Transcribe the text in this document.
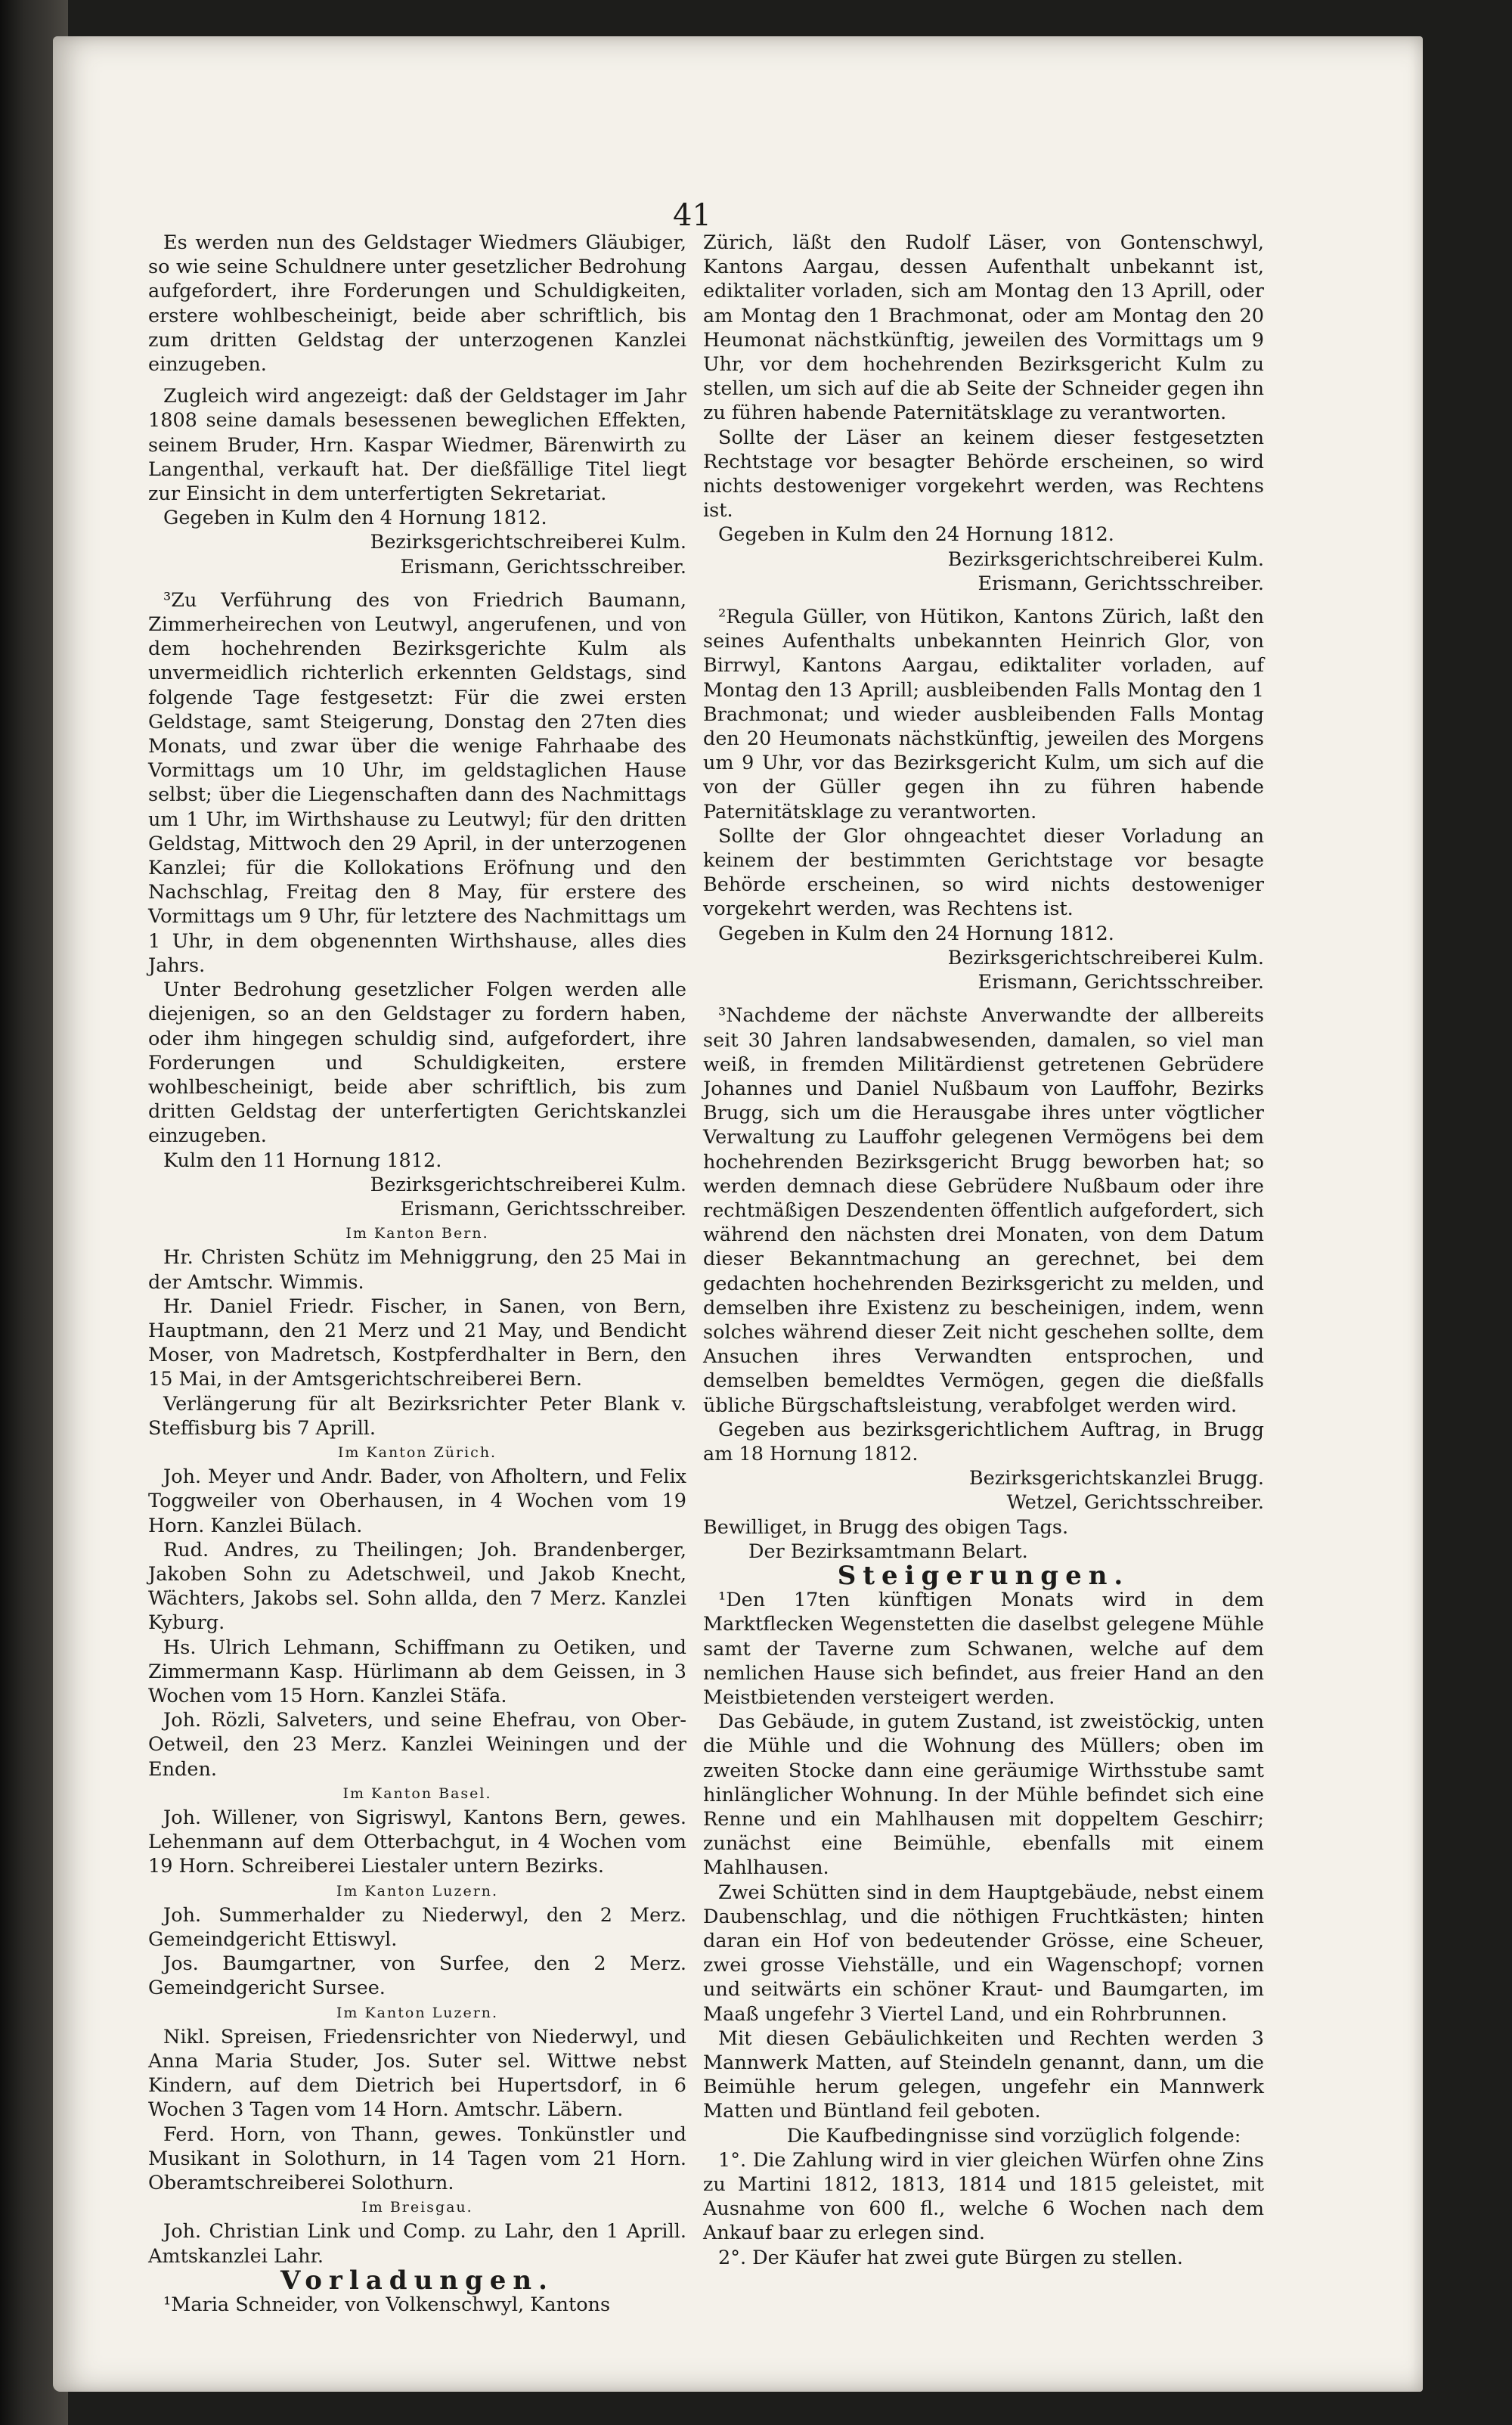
41

Es werden nun des Geldstager Wiedmers Gläubiger, so wie seine Schuldnere unter gesetzlicher Bedrohung aufgefordert, ihre Forderungen und Schuldigkeiten, erstere wohlbescheinigt, beide aber schriftlich, bis zum dritten Geldstag der unterzogenen Kanzlei einzugeben.

Zugleich wird angezeigt: daß der Geldstager im Jahr 1808 seine damals besessenen beweglichen Effekten, seinem Bruder, Hrn. Kaspar Wiedmer, Bärenwirth zu Langenthal, verkauft hat. Der dießfällige Titel liegt zur Einsicht in dem unterfertigten Sekretariat.

Gegeben in Kulm den 4 Hornung 1812.

Bezirksgerichtschreiberei Kulm.

Erismann, Gerichtsschreiber.

³Zu Verführung des von Friedrich Baumann, Zimmerheirechen von Leutwyl, angerufenen, und von dem hochehrenden Bezirksgerichte Kulm als unvermeidlich richterlich erkennten Geldstags, sind folgende Tage festgesetzt: Für die zwei ersten Geldstage, samt Steigerung, Donstag den 27ten dies Monats, und zwar über die wenige Fahrhaabe des Vormittags um 10 Uhr, im geldstaglichen Hause selbst; über die Liegenschaften dann des Nachmittags um 1 Uhr, im Wirthshause zu Leutwyl; für den dritten Geldstag, Mittwoch den 29 April, in der unterzogenen Kanzlei; für die Kollokations Eröfnung und den Nachschlag, Freitag den 8 May, für erstere des Vormittags um 9 Uhr, für letztere des Nachmittags um 1 Uhr, in dem obgenennten Wirthshause, alles dies Jahrs.

Unter Bedrohung gesetzlicher Folgen werden alle diejenigen, so an den Geldstager zu fordern haben, oder ihm hingegen schuldig sind, aufgefordert, ihre Forderungen und Schuldigkeiten, erstere wohlbescheinigt, beide aber schriftlich, bis zum dritten Geldstag der unterfertigten Gerichtskanzlei einzugeben.

Kulm den 11 Hornung 1812.

Bezirksgerichtschreiberei Kulm.

Erismann, Gerichtsschreiber.

Im Kanton Bern.

Hr. Christen Schütz im Mehniggrung, den 25 Mai in der Amtschr. Wimmis.

Hr. Daniel Friedr. Fischer, in Sanen, von Bern, Hauptmann, den 21 Merz und 21 May, und Bendicht Moser, von Madretsch, Kostpferdhalter in Bern, den 15 Mai, in der Amtsgerichtschreiberei Bern.

Verlängerung für alt Bezirksrichter Peter Blank v. Steffisburg bis 7 Aprill.

Im Kanton Zürich.

Joh. Meyer und Andr. Bader, von Afholtern, und Felix Toggweiler von Oberhausen, in 4 Wochen vom 19 Horn. Kanzlei Bülach.

Rud. Andres, zu Theilingen; Joh. Brandenberger, Jakoben Sohn zu Adetschweil, und Jakob Knecht, Wächters, Jakobs sel. Sohn allda, den 7 Merz. Kanzlei Kyburg.

Hs. Ulrich Lehmann, Schiffmann zu Oetiken, und Zimmermann Kasp. Hürlimann ab dem Geissen, in 3 Wochen vom 15 Horn. Kanzlei Stäfa.

Joh. Rözli, Salveters, und seine Ehefrau, von Ober-Oetweil, den 23 Merz. Kanzlei Weiningen und der Enden.

Im Kanton Basel.

Joh. Willener, von Sigriswyl, Kantons Bern, gewes. Lehenmann auf dem Otterbachgut, in 4 Wochen vom 19 Horn. Schreiberei Liestaler untern Bezirks.

Im Kanton Luzern.

Joh. Summerhalder zu Niederwyl, den 2 Merz. Gemeindgericht Ettiswyl.

Jos. Baumgartner, von Surfee, den 2 Merz. Gemeindgericht Sursee.

Im Kanton Luzern.

Nikl. Spreisen, Friedensrichter von Niederwyl, und Anna Maria Studer, Jos. Suter sel. Wittwe nebst Kindern, auf dem Dietrich bei Hupertsdorf, in 6 Wochen 3 Tagen vom 14 Horn. Amtschr. Läbern.

Ferd. Horn, von Thann, gewes. Tonkünstler und Musikant in Solothurn, in 14 Tagen vom 21 Horn. Oberamtschreiberei Solothurn.

Im Breisgau.

Joh. Christian Link und Comp. zu Lahr, den 1 Aprill. Amtskanzlei Lahr.

Vorladungen.

¹Maria Schneider, von Volkenschwyl, Kantons

Zürich, läßt den Rudolf Läser, von Gontenschwyl, Kantons Aargau, dessen Aufenthalt unbekannt ist, ediktaliter vorladen, sich am Montag den 13 Aprill, oder am Montag den 1 Brachmonat, oder am Montag den 20 Heumonat nächstkünftig, jeweilen des Vormittags um 9 Uhr, vor dem hochehrenden Bezirksgericht Kulm zu stellen, um sich auf die ab Seite der Schneider gegen ihn zu führen habende Paternitätsklage zu verantworten.

Sollte der Läser an keinem dieser festgesetzten Rechtstage vor besagter Behörde erscheinen, so wird nichts destoweniger vorgekehrt werden, was Rechtens ist.

Gegeben in Kulm den 24 Hornung 1812.

Bezirksgerichtschreiberei Kulm.

Erismann, Gerichtsschreiber.

²Regula Güller, von Hütikon, Kantons Zürich, laßt den seines Aufenthalts unbekannten Heinrich Glor, von Birrwyl, Kantons Aargau, ediktaliter vorladen, auf Montag den 13 Aprill; ausbleibenden Falls Montag den 1 Brachmonat; und wieder ausbleibenden Falls Montag den 20 Heumonats nächstkünftig, jeweilen des Morgens um 9 Uhr, vor das Bezirksgericht Kulm, um sich auf die von der Güller gegen ihn zu führen habende Paternitätsklage zu verantworten.

Sollte der Glor ohngeachtet dieser Vorladung an keinem der bestimmten Gerichtstage vor besagte Behörde erscheinen, so wird nichts destoweniger vorgekehrt werden, was Rechtens ist.

Gegeben in Kulm den 24 Hornung 1812.

Bezirksgerichtschreiberei Kulm.

Erismann, Gerichtsschreiber.

³Nachdeme der nächste Anverwandte der allbereits seit 30 Jahren landsabwesenden, damalen, so viel man weiß, in fremden Militärdienst getretenen Gebrüdere Johannes und Daniel Nußbaum von Lauffohr, Bezirks Brugg, sich um die Herausgabe ihres unter vögtlicher Verwaltung zu Lauffohr gelegenen Vermögens bei dem hochehrenden Bezirksgericht Brugg beworben hat; so werden demnach diese Gebrüdere Nußbaum oder ihre rechtmäßigen Deszendenten öffentlich aufgefordert, sich während den nächsten drei Monaten, von dem Datum dieser Bekanntmachung an gerechnet, bei dem gedachten hochehrenden Bezirksgericht zu melden, und demselben ihre Existenz zu bescheinigen, indem, wenn solches während dieser Zeit nicht geschehen sollte, dem Ansuchen ihres Verwandten entsprochen, und demselben bemeldtes Vermögen, gegen die dießfalls übliche Bürgschaftsleistung, verabfolget werden wird.

Gegeben aus bezirksgerichtlichem Auftrag, in Brugg am 18 Hornung 1812.

Bezirksgerichtskanzlei Brugg.

Wetzel, Gerichtsschreiber.

Bewilliget, in Brugg des obigen Tags.

Der Bezirksamtmann Belart.

Steigerungen.

¹Den 17ten künftigen Monats wird in dem Marktflecken Wegenstetten die daselbst gelegene Mühle samt der Taverne zum Schwanen, welche auf dem nemlichen Hause sich befindet, aus freier Hand an den Meistbietenden versteigert werden.

Das Gebäude, in gutem Zustand, ist zweistöckig, unten die Mühle und die Wohnung des Müllers; oben im zweiten Stocke dann eine geräumige Wirthsstube samt hinlänglicher Wohnung. In der Mühle befindet sich eine Renne und ein Mahlhausen mit doppeltem Geschirr; zunächst eine Beimühle, ebenfalls mit einem Mahlhausen.

Zwei Schütten sind in dem Hauptgebäude, nebst einem Daubenschlag, und die nöthigen Fruchtkästen; hinten daran ein Hof von bedeutender Grösse, eine Scheuer, zwei grosse Viehställe, und ein Wagenschopf; vornen und seitwärts ein schöner Kraut- und Baumgarten, im Maaß ungefehr 3 Viertel Land, und ein Rohrbrunnen.

Mit diesen Gebäulichkeiten und Rechten werden 3 Mannwerk Matten, auf Steindeln genannt, dann, um die Beimühle herum gelegen, ungefehr ein Mannwerk Matten und Büntland feil geboten.

Die Kaufbedingnisse sind vorzüglich folgende:

1°. Die Zahlung wird in vier gleichen Würfen ohne Zins zu Martini 1812, 1813, 1814 und 1815 geleistet, mit Ausnahme von 600 fl., welche 6 Wochen nach dem Ankauf baar zu erlegen sind.

2°. Der Käufer hat zwei gute Bürgen zu stellen.
